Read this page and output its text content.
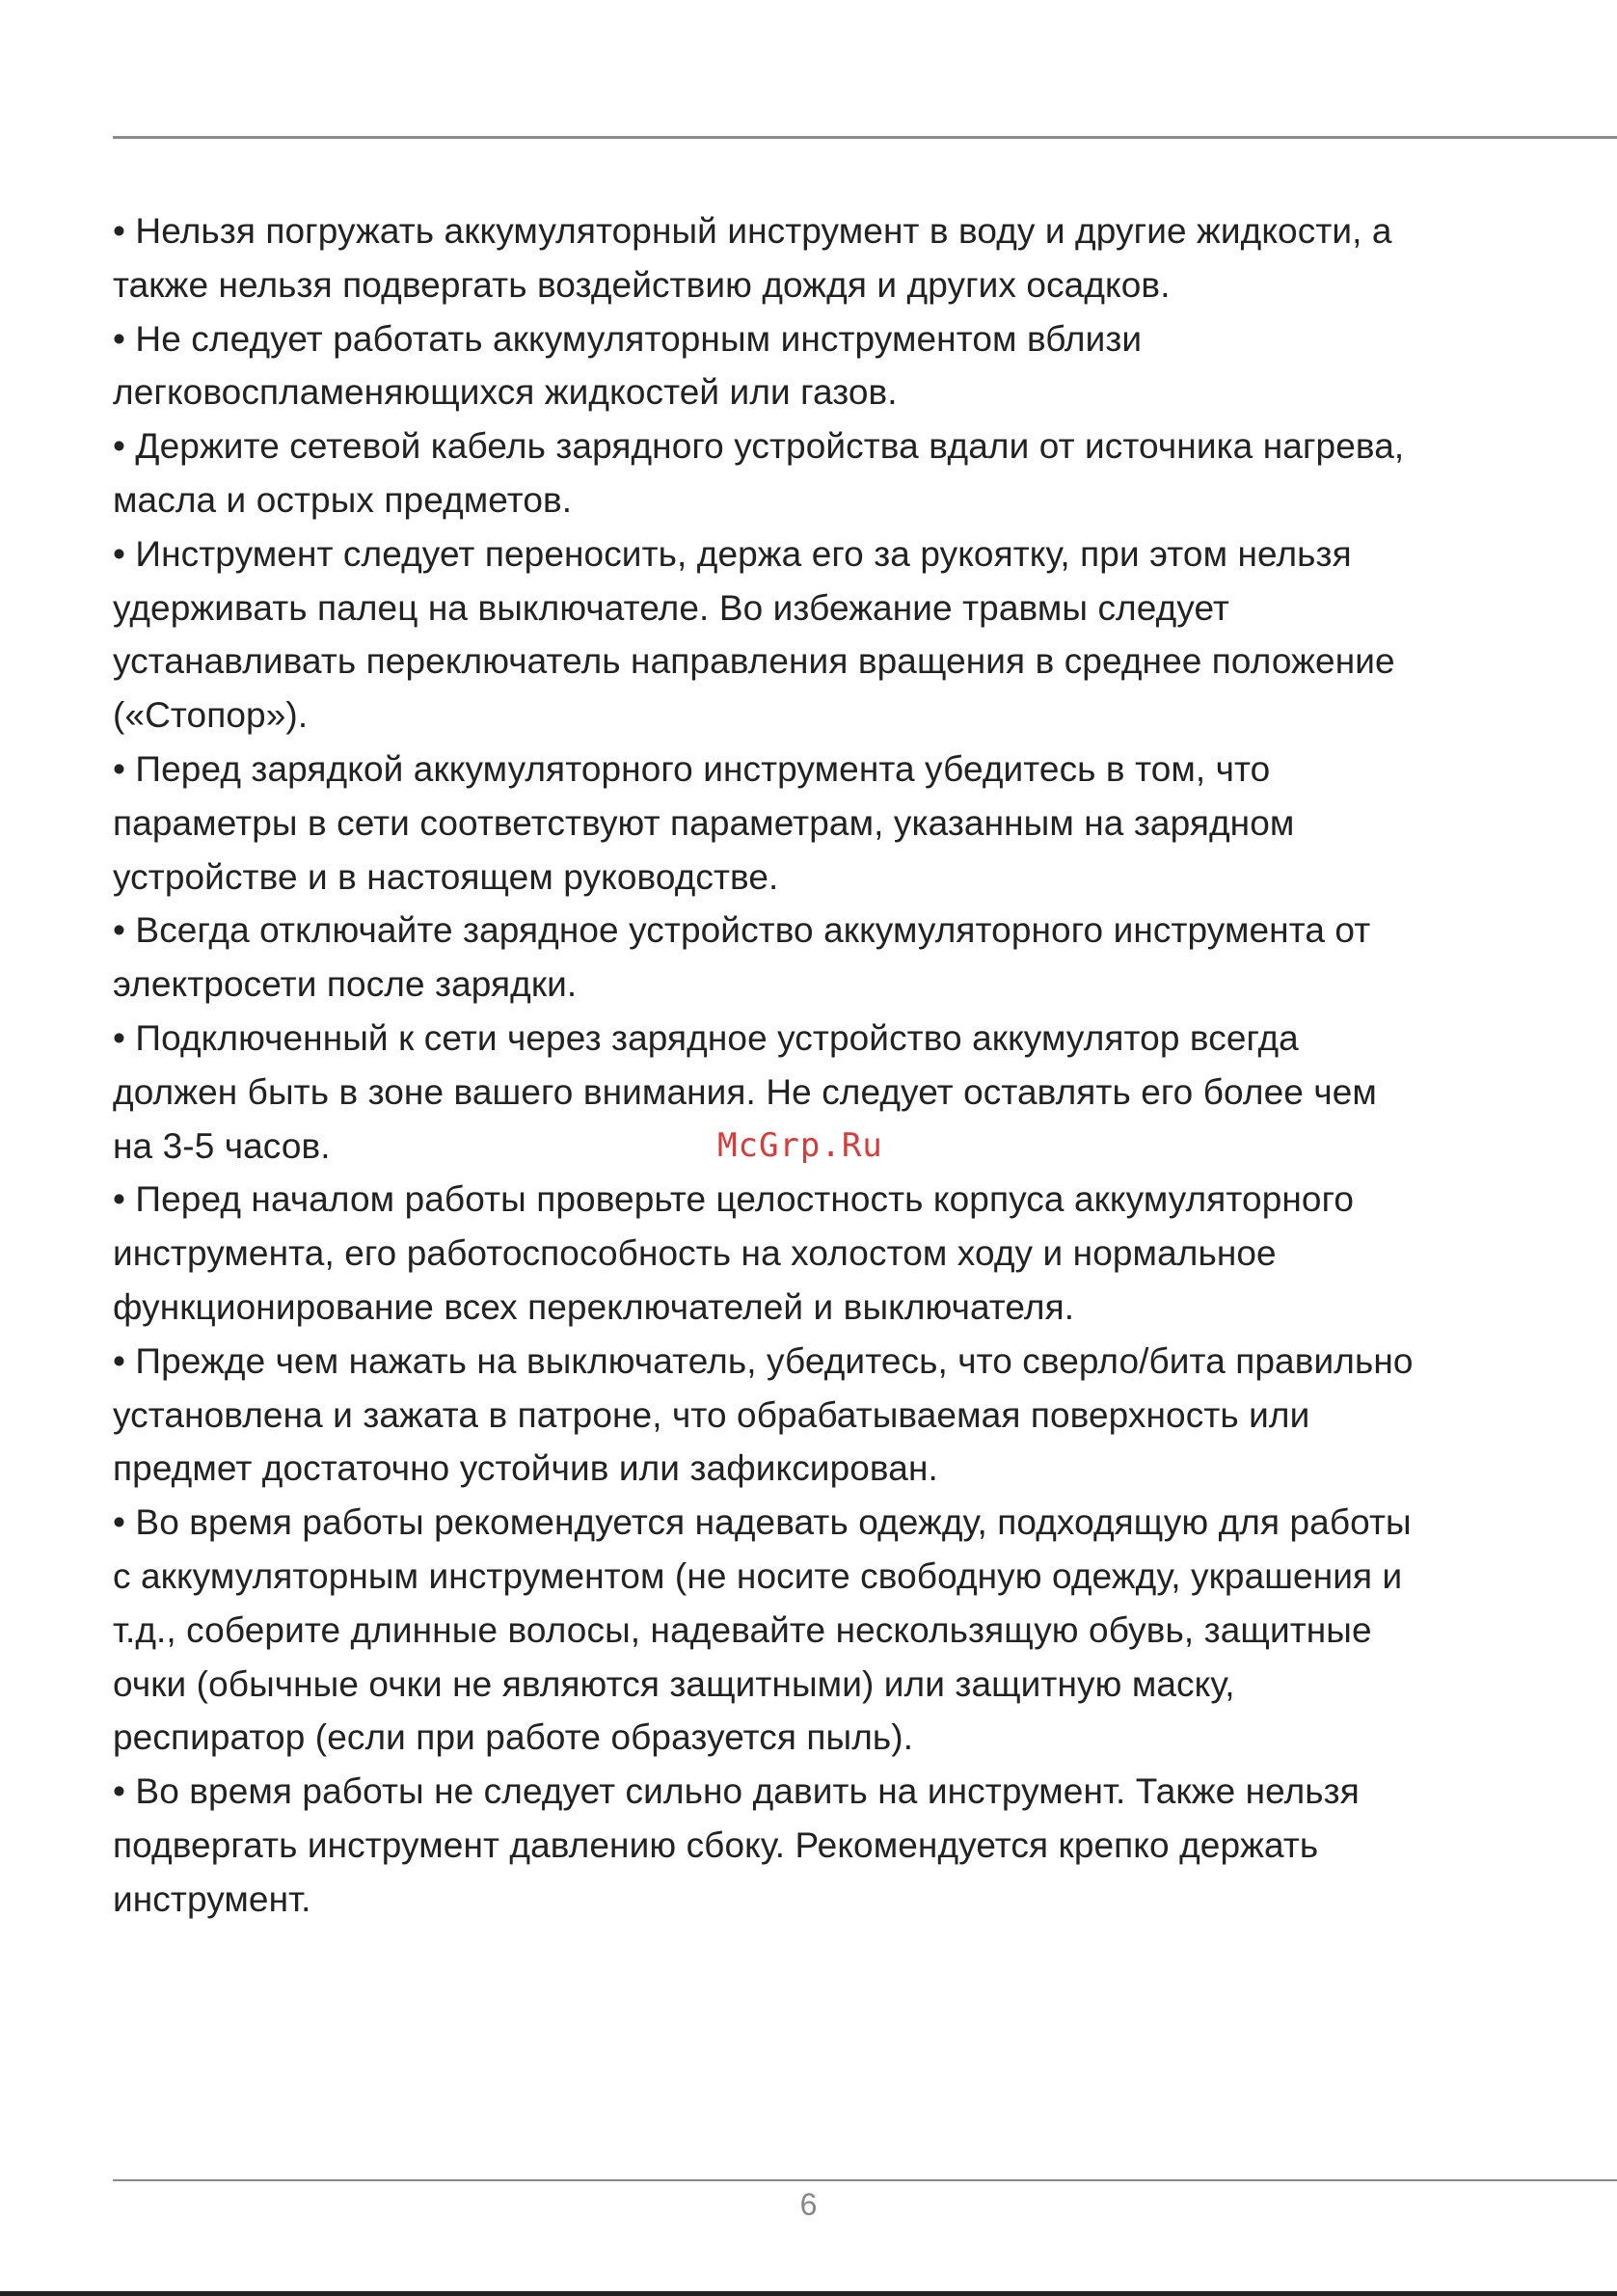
• Нельзя погружать аккумуляторный инструмент в воду и другие жидкости, а
также нельзя подвергать воздействию дождя и других осадков.

• Не следует работать аккумуляторным инструментом вблизи
легковоспламеняющихся жидкостей или газов.

• Держите сетевой кабель зарядного устройства вдали от источника нагрева,
масла и острых предметов.

• Инструмент следует переносить, держа его за рукоятку, при этом нельзя
удерживать палец на выключателе. Во избежание травмы следует
устанавливать переключатель направления вращения в среднее положение
(«Стопор»).

• Перед зарядкой аккумуляторного инструмента убедитесь в том, что
параметры в сети соответствуют параметрам, указанным на зарядном
устройстве и в настоящем руководстве.

• Всегда отключайте зарядное устройство аккумуляторного инструмента от
электросети после зарядки.

• Подключенный к сети через зарядное устройство аккумулятор всегда
должен быть в зоне вашего внимания. Не следует оставлять его более чем
на 3-5 часов.

• Перед началом работы проверьте целостность корпуса аккумуляторного
инструмента, его работоспособность на холостом ходу и нормальное
функционирование всех переключателей и выключателя.

• Прежде чем нажать на выключатель, убедитесь, что сверло/бита правильно
установлена и зажата в патроне, что обрабатываемая поверхность или
предмет достаточно устойчив или зафиксирован.

• Во время работы рекомендуется надевать одежду, подходящую для работы
с аккумуляторным инструментом (не носите свободную одежду, украшения и
т.д., соберите длинные волосы, надевайте нескользящую обувь, защитные
очки (обычные очки не являются защитными) или защитную маску,
респиратор (если при работе образуется пыль).

• Во время работы не следует сильно давить на инструмент. Также нельзя
подвергать инструмент давлению сбоку. Рекомендуется крепко держать
инструмент.

McGrp.Ru
6
